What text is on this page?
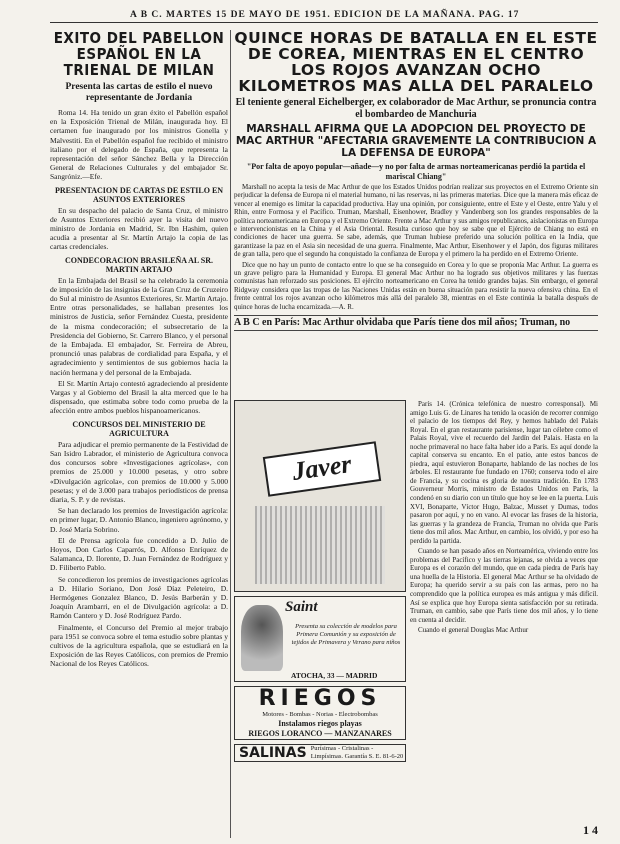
A B C. MARTES 15 DE MAYO DE 1951. EDICION DE LA MAÑANA. PAG. 17
EXITO DEL PABELLON ESPAÑOL EN LA TRIENAL DE MILAN
Presenta las cartas de estilo el nuevo representante de Jordania

Roma 14. Ha tenido un gran éxito el Pabellón español en la Exposición Trienal de Milán, inaugurada hoy. El certamen fue inaugurado por los ministros Gonella y Malvestiti. En el Pabellón español fue recibido el ministro italiano por el delegado de España, que representa la representación del señor Sánchez Bella y la Dirección General de Relaciones Culturales y del embajador Sr. Sangróniz.—Efe.

PRESENTACION DE CARTAS DE ESTILO EN ASUNTOS EXTERIORES

En su despacho del palacio de Santa Cruz, el ministro de Asuntos Exteriores recibió ayer la visita del nuevo ministro de Jordania en Madrid, Sr. Ibn Hashim, quien acudía a presentar al Sr. Martín Artajo la copia de las cartas credenciales.

CONDECORACION BRASILEÑA AL SR. MARTIN ARTAJO

En la Embajada del Brasil se ha celebrado la ceremonia de imposición de las insignias de la Gran Cruz de Cruzeiro do Sul al ministro de Asuntos Exteriores, Sr. Martín Artajo. Entre otras personalidades, se hallaban presentes los ministros de Justicia, señor Fernández Cuesta, presidente de la misma condecoración; el subsecretario de la Presidencia del Gobierno, Sr. Carrero Blanco, y el personal de la Embajada. El embajador, Sr. Ferreira de Abreu, pronunció unas palabras de cordialidad para España, y el agradecimiento y sentimientos de sus gobiernos hacia la nación hermana y del personal de la Embajada.

El Sr. Martín Artajo contestó agradeciendo al presidente Vargas y al Gobierno del Brasil la alta merced que le ha dispensado, que estimaba sobre todo como prueba de la afección entre ambos pueblos hispanoamericanos.

CONCURSOS DEL MINISTERIO DE AGRICULTURA

Para adjudicar el premio permanente de la Festividad de San Isidro Labrador, el ministerio de Agricultura convoca dos concursos sobre «Investigaciones agrícolas», con premios de 25.000 y 10.000 pesetas, y otro sobre «Divulgación agrícola», con premios de 10.000 y 5.000 pesetas; y el de 3.000 para trabajos periodísticos de prensa diaria, S. P. y de revistas.

Se han declarado los premios de Investigación agrícola: en primer lugar, D. Antonio Blanco, ingeniero agrónomo, y D. José María Sobrino.

El de Prensa agrícola fue concedido a D. Julio de Hoyos, Don Carlos Caparrós, D. Alfonso Enríquez de Salamanca, D. Ilorente, D. Juan Fernández de Rodríguez y D. Filiberto Pablo.

Se concedieron los premios de investigaciones agrícolas a D. Hilario Soriano, Don José Díaz Peleteiro, D. Hermógenes Gonzalez Blanco, D. Jesús Barberán y D. Joaquín Arambarri, en el de Divulgación agrícola: a D. Ramón Cantero y D. José Rodríguez Pardo.

Finalmente, el Concurso del Premio al mejor trabajo para 1951 se convoca sobre el tema estudio sobre plantas y cultivos de la agricultura española, que se estudiará en la Exposición de las Reyes Católicos, con premios de Premio Nacional de los Reyes Católicos.

QUINCE HORAS DE BATALLA EN EL ESTE DE COREA, MIENTRAS EN EL CENTRO LOS ROJOS AVANZAN OCHO KILOMETROS MAS ALLA DEL PARALELO
El teniente general Eichelberger, ex colaborador de Mac Arthur, se pronuncia contra el bombardeo de Manchuria
MARSHALL AFIRMA QUE LA ADOPCION DEL PROYECTO DE MAC ARTHUR "AFECTARIA GRAVEMENTE LA CONTRIBUCION A LA DEFENSA DE EUROPA"
"Por falta de apoyo popular—añade—y no por falta de armas norteamericanas perdió la partida el mariscal Chiang"

Marshall no acepta la tesis de Mac Arthur de que los Estados Unidos podrían realizar sus proyectos en el Extremo Oriente sin perjudicar la defensa de Europa ni el material humano, ni las reservas, ni las primeras materias. Dice que la manera más eficaz de vencer al enemigo es limitar la capacidad productiva. Hay una opinión, por consiguiente, entre el Este y el Oeste, entre Yalu y el Rhin, entre Formosa y el Pacífico. Truman, Marshall, Eisenhower, Bradley y Vandenberg son los grandes responsables de la política norteamericana en Europa y el Extremo Oriente. Frente a Mac Arthur y sus amigos republicanos, aislacionistas en Europa e intervencionistas en la China y el Asia Oriental. Resulta curioso que hoy se sabe que el Ejército de Chiang no está en condiciones de hacer una guerra. Se sabe, además, que Truman hubiese preferido una solución política en la India, que garantizase la paz en el Asia sin necesidad de una guerra. Finalmente, Mac Arthur, Eisenhower y el Japón, dos figuras militares de gran talla, pero que el segundo ha conquistado la confianza de Europa y el primero la ha perdido en el Extremo Oriente.

Dice que no hay un punto de contacto entre lo que se ha conseguido en Corea y lo que se proponía Mac Arthur. La guerra es un grave peligro para la Humanidad y Europa. El general Mac Arthur no ha logrado sus objetivos militares y las fuerzas comunistas han reforzado sus posiciones. El ejército norteamericano en Corea ha tenido grandes bajas. Sin embargo, el general Ridgway considera que las tropas de las Naciones Unidas están en buena situación para resistir la nueva ofensiva china. En el frente central los rojos avanzan ocho kilómetros más allá del paralelo 38, mientras en el Este continúa la batalla después de quince horas de lucha encarnizada.—A. R.

A B C en París: Mac Arthur olvidaba que París tiene dos mil años; Truman, no
Javer
Saint
Presenta su colección de modelos para Primera Comunión y su exposición de tejidos de Primavera y Verano para niños
ATOCHA, 33 — MADRID
RIEGOS
Motores - Bombas - Norias - Electrobombas
Instalamos riegos playas
RIEGOS LORANCO — MANZANARES
SALINAS Purísimas - Cristalinas - Limpísimas. Garantía S. E. 81-6-20

París 14. (Crónica telefónica de nuestro corresponsal). Mi amigo Luis G. de Linares ha tenido la ocasión de recorrer conmigo el palacio de los tiempos del Rey, y hemos hablado del Palais Royal. En el gran restaurante parisiense, lugar tan célebre como el Palais Royal, vive el recuerdo del Jardín del Palais. Hasta en la noche primaveral no hace falta haber ido a París. Es aquí donde la capital conserva su encanto. En el patio, ante estos bancos de piedra, aquí estuvieron Bonaparte, hablando de las noches de los árboles. El restaurante fue fundado en 1760; conserva todo el aire de Francia, y su cocina es gloria de nuestra tradición. En 1783 Gouverneur Morris, ministro de Estados Unidos en París, la condenó en su diario con un título que hoy se lee en la puerta. Luis XVI, Bonaparte, Víctor Hugo, Balzac, Musset y Dumas, todos pasaron por aquí, y no en vano. Al evocar las frases de la historia, las guerras y la grandeza de Francia, Truman no olvida que París tiene dos mil años. Mac Arthur, en cambio, los olvidó, y por eso ha perdido la partida.

Cuando se han pasado años en Norteamérica, viviendo entre los problemas del Pacífico y las tierras lejanas, se olvida a veces que Europa es el corazón del mundo, que en cada piedra de París hay una huella de la Historia. El general Mac Arthur se ha olvidado de Europa; ha querido servir a su país con las armas, pero no ha comprendido que la política europea es más antigua y más difícil. Así se explica que hoy Europa sienta satisfacción por su retirada. Truman, en cambio, sabe que París tiene dos mil años, y lo tiene en cuenta al decidir.

Cuando el general Douglas Mac Arthur

1 4
